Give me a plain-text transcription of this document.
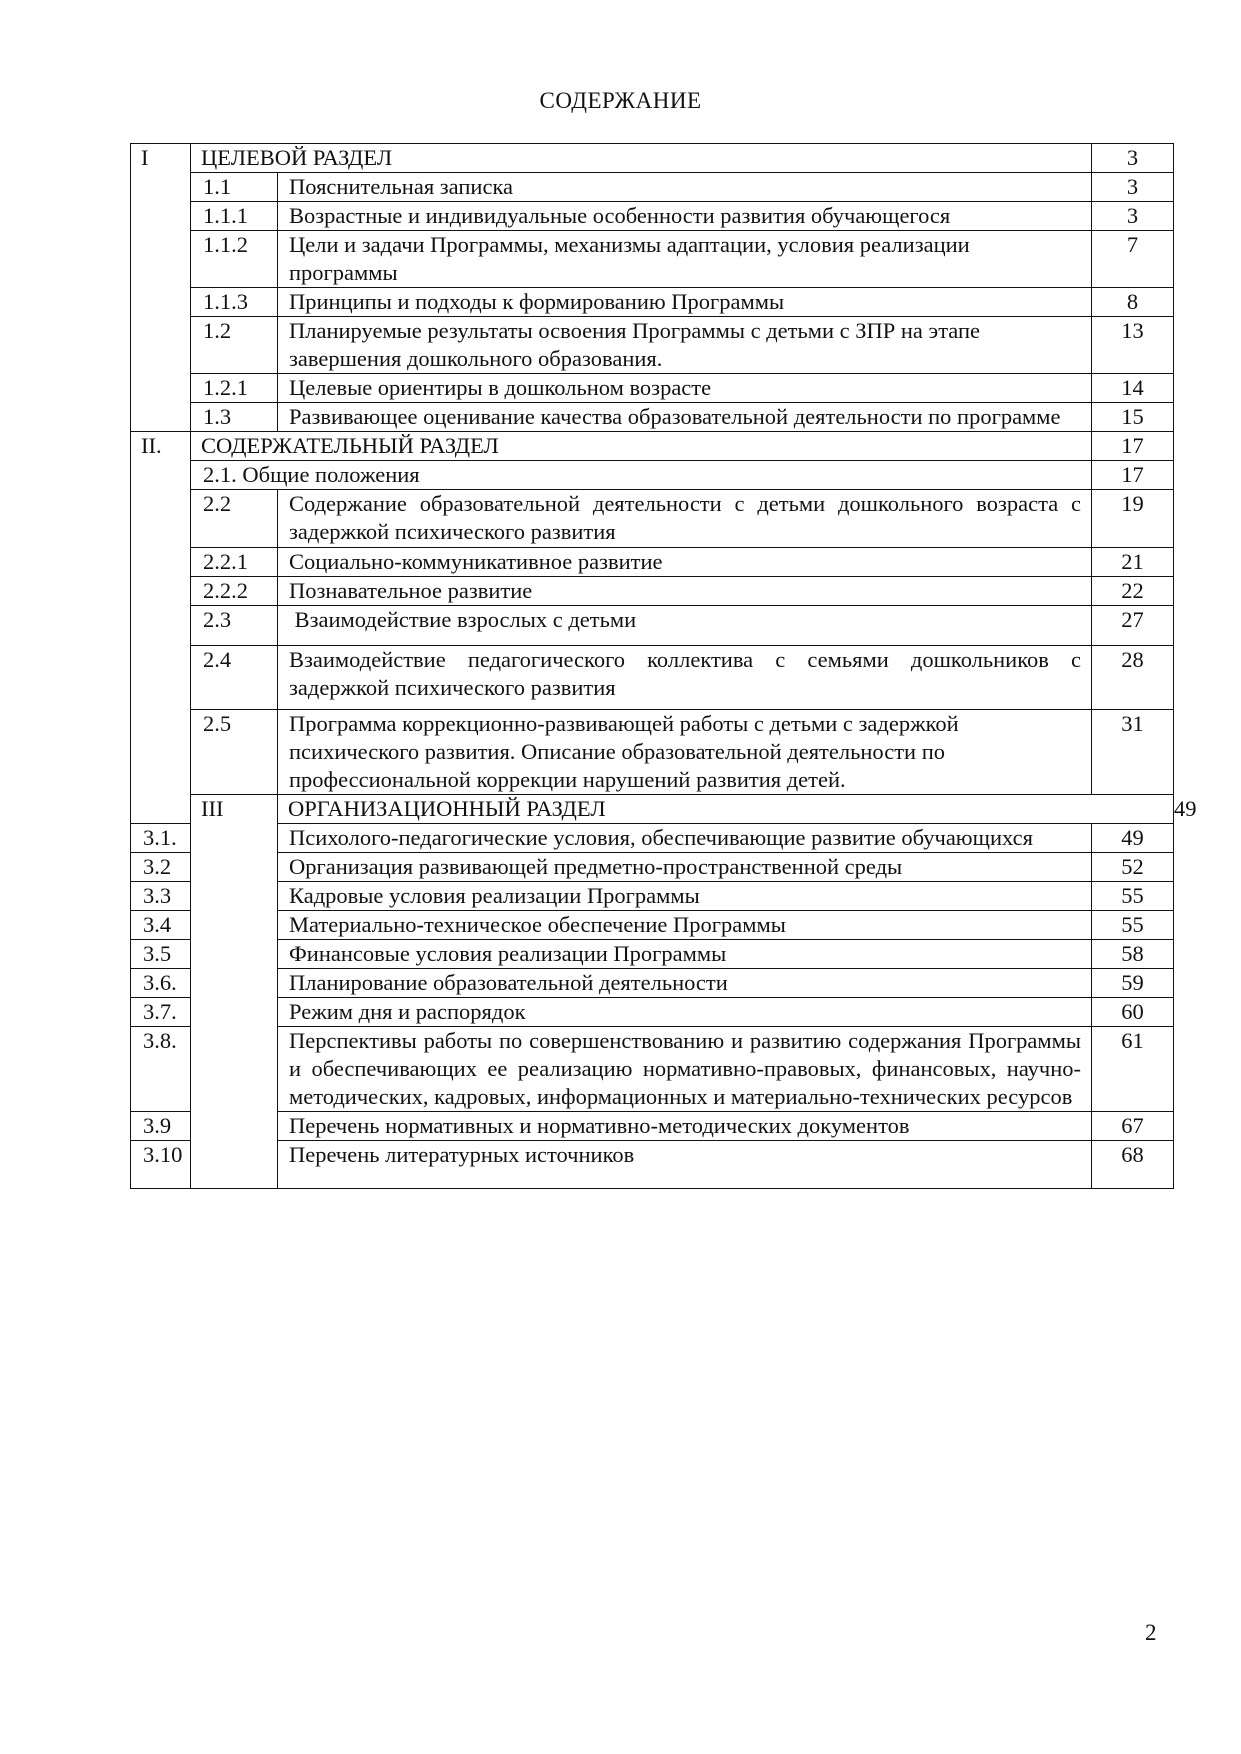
СОДЕРЖАНИЕ
I	ЦЕЛЕВОЙ РАЗДЕЛ		3	
	1.1	Пояснительная записка	3	
	1.1.1	Возрастные и индивидуальные особенности развития обучающегося	3	
	1.1.2	Цели и задачи Программы, механизмы адаптации, условия реализации программы	7	
	1.1.3	Принципы и подходы к формированию Программы	8	
	1.2	Планируемые результаты освоения Программы с детьми с ЗПР на этапе завершения дошкольного образования.	13	
	1.2.1	Целевые ориентиры в дошкольном возрасте	14	
	1.3	Развивающее оценивание качества образовательной деятельности по программе	15	
II.	СОДЕРЖАТЕЛЬНЫЙ РАЗДЕЛ		17	
	2.1. Общие положения		17	
	2.2	Содержание образовательной деятельности с детьми дошкольного возраста с задержкой психического развития	19	
	2.2.1	Социально-коммуникативное развитие	21	
	2.2.2	Познавательное развитие	22	
	2.3	Взаимодействие взрослых с детьми	27	
	2.4	Взаимодействие педагогического коллектива с семьями дошкольников с задержкой психического развития	28	
	2.5	Программа коррекционно-развивающей работы с детьми с задержкой психического развития. Описание образовательной деятельности по профессиональной коррекции нарушений развития детей.	31	
	III	ОРГАНИЗАЦИОННЫЙ РАЗДЕЛ		49
3.1.		Психолого-педагогические условия, обеспечивающие развитие обучающихся	49	
3.2		Организация развивающей предметно-пространственной среды	52	
3.3		Кадровые условия реализации Программы	55	
3.4		Материально-техническое обеспечение Программы	55	
3.5		Финансовые условия реализации Программы	58	
3.6.		Планирование образовательной деятельности	59	
3.7.		Режим дня и распорядок	60	
3.8.		Перспективы работы по совершенствованию и развитию содержания Программы и обеспечивающих ее реализацию нормативно-правовых, финансовых, научно-методических, кадровых, информационных и материально-технических ресурсов	61	
3.9		Перечень нормативных и нормативно-методических документов	67	
3.10		Перечень литературных источников	68	
2
